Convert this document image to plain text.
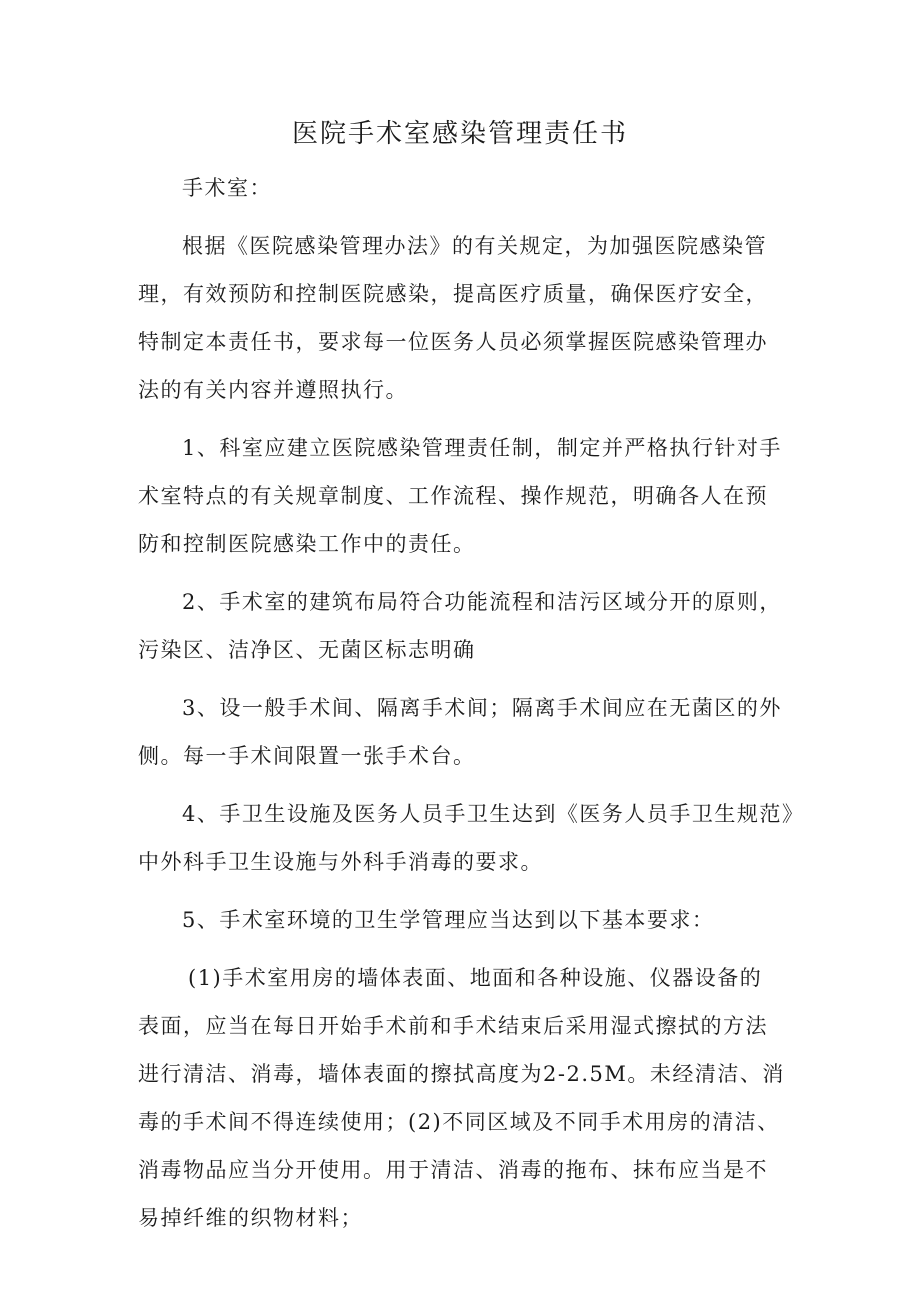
医院手术室感染管理责任书
手术室：
根据《医院感染管理办法》的有关规定，为加强医院感染管
理，有效预防和控制医院感染，提高医疗质量，确保医疗安全，
特制定本责任书，要求每一位医务人员必须掌握医院感染管理办
法的有关内容并遵照执行。
1、科室应建立医院感染管理责任制，制定并严格执行针对手
术室特点的有关规章制度、工作流程、操作规范，明确各人在预
防和控制医院感染工作中的责任。
2、手术室的建筑布局符合功能流程和洁污区域分开的原则，
污染区、洁净区、无菌区标志明确
3、设一般手术间、隔离手术间；隔离手术间应在无菌区的外
侧。每一手术间限置一张手术台。
4、手卫生设施及医务人员手卫生达到《医务人员手卫生规范》
中外科手卫生设施与外科手消毒的要求。
5、手术室环境的卫生学管理应当达到以下基本要求：
(1)手术室用房的墙体表面、地面和各种设施、仪器设备的
表面，应当在每日开始手术前和手术结束后采用湿式擦拭的方法
进行清洁、消毒，墙体表面的擦拭高度为2-2.5M。未经清洁、消
毒的手术间不得连续使用；(2)不同区域及不同手术用房的清洁、
消毒物品应当分开使用。用于清洁、消毒的拖布、抹布应当是不
易掉纤维的织物材料；
